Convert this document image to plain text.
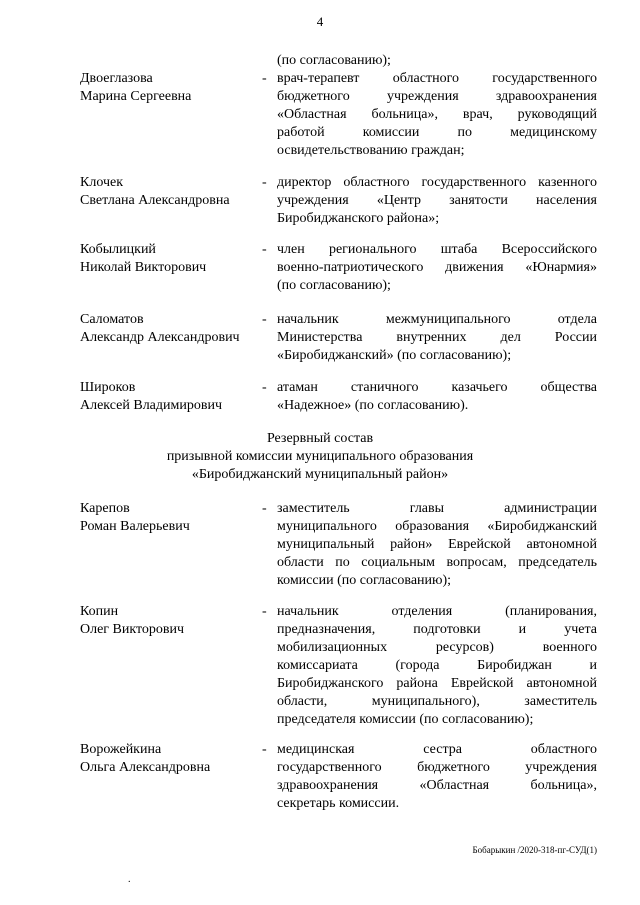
4
(по согласованию);
Двоеглазова
Марина Сергеевна
- врач-терапевт областного государственного
бюджетного учреждения здравоохранения
«Областная больница», врач, руководящий
работой комиссии по медицинскому
освидетельствованию граждан;
Клочек
Светлана Александровна
- директор областного государственного казенного
учреждения «Центр занятости населения
Биробиджанского района»;
Кобылицкий
Николай Викторович
- член регионального штаба Всероссийского
военно-патриотического движения «Юнармия»
(по согласованию);
Саломатов
Александр Александрович
- начальник межмуниципального отдела
Министерства внутренних дел России
«Биробиджанский» (по согласованию);
Широков
Алексей Владимирович
- атаман станичного казачьего общества
«Надежное» (по согласованию).
Резервный состав
призывной комиссии муниципального образования
«Биробиджанский муниципальный район»
Карепов
Роман Валерьевич
- заместитель главы администрации
муниципального образования «Биробиджанский
муниципальный район» Еврейской автономной
области по социальным вопросам, председатель
комиссии (по согласованию);
Копин
Олег Викторович
- начальник отделения (планирования,
предназначения, подготовки и учета
мобилизационных ресурсов) военного
комиссариата (города Биробиджан и
Биробиджанского района Еврейской автономной
области, муниципального), заместитель
председателя комиссии (по согласованию);
Ворожейкина
Ольга Александровна
- медицинская сестра областного
государственного бюджетного учреждения
здравоохранения «Областная больница»,
секретарь комиссии.
Бобарыкин /2020-318-пг-СУД(1)
.
